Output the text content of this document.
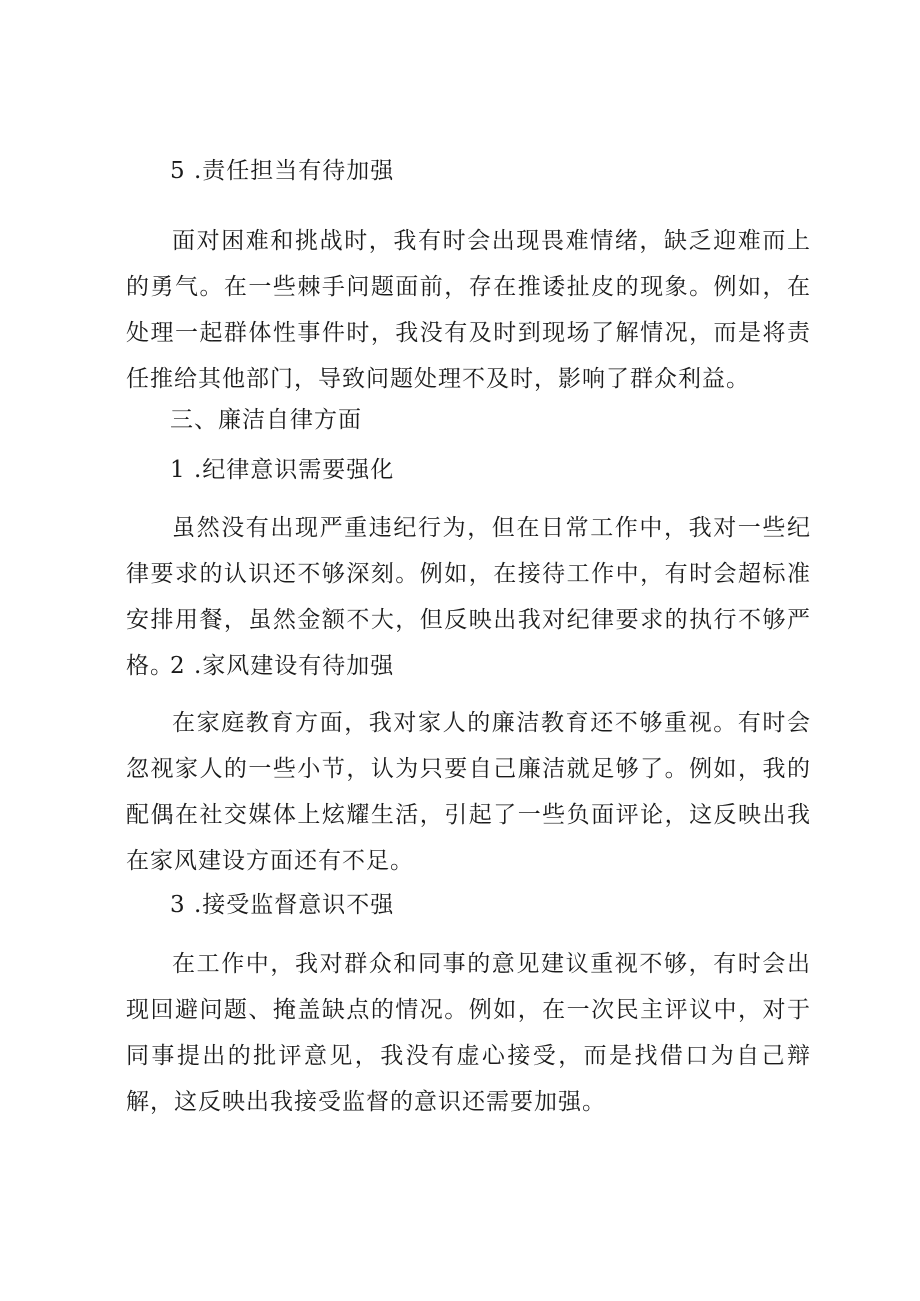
5 .责任担当有待加强
面对困难和挑战时，我有时会出现畏难情绪，缺乏迎难而上的勇气。在一些棘手问题面前，存在推诿扯皮的现象。例如，在处理一起群体性事件时，我没有及时到现场了解情况，而是将责任推给其他部门，导致问题处理不及时，影响了群众利益。
三、廉洁自律方面
1 .纪律意识需要强化
虽然没有出现严重违纪行为，但在日常工作中，我对一些纪律要求的认识还不够深刻。例如，在接待工作中，有时会超标准安排用餐，虽然金额不大，但反映出我对纪律要求的执行不够严格。
2 .家风建设有待加强
在家庭教育方面，我对家人的廉洁教育还不够重视。有时会忽视家人的一些小节，认为只要自己廉洁就足够了。例如，我的配偶在社交媒体上炫耀生活，引起了一些负面评论，这反映出我在家风建设方面还有不足。
3 .接受监督意识不强
在工作中，我对群众和同事的意见建议重视不够，有时会出现回避问题、掩盖缺点的情况。例如，在一次民主评议中，对于同事提出的批评意见，我没有虚心接受，而是找借口为自己辩解，这反映出我接受监督的意识还需要加强。
